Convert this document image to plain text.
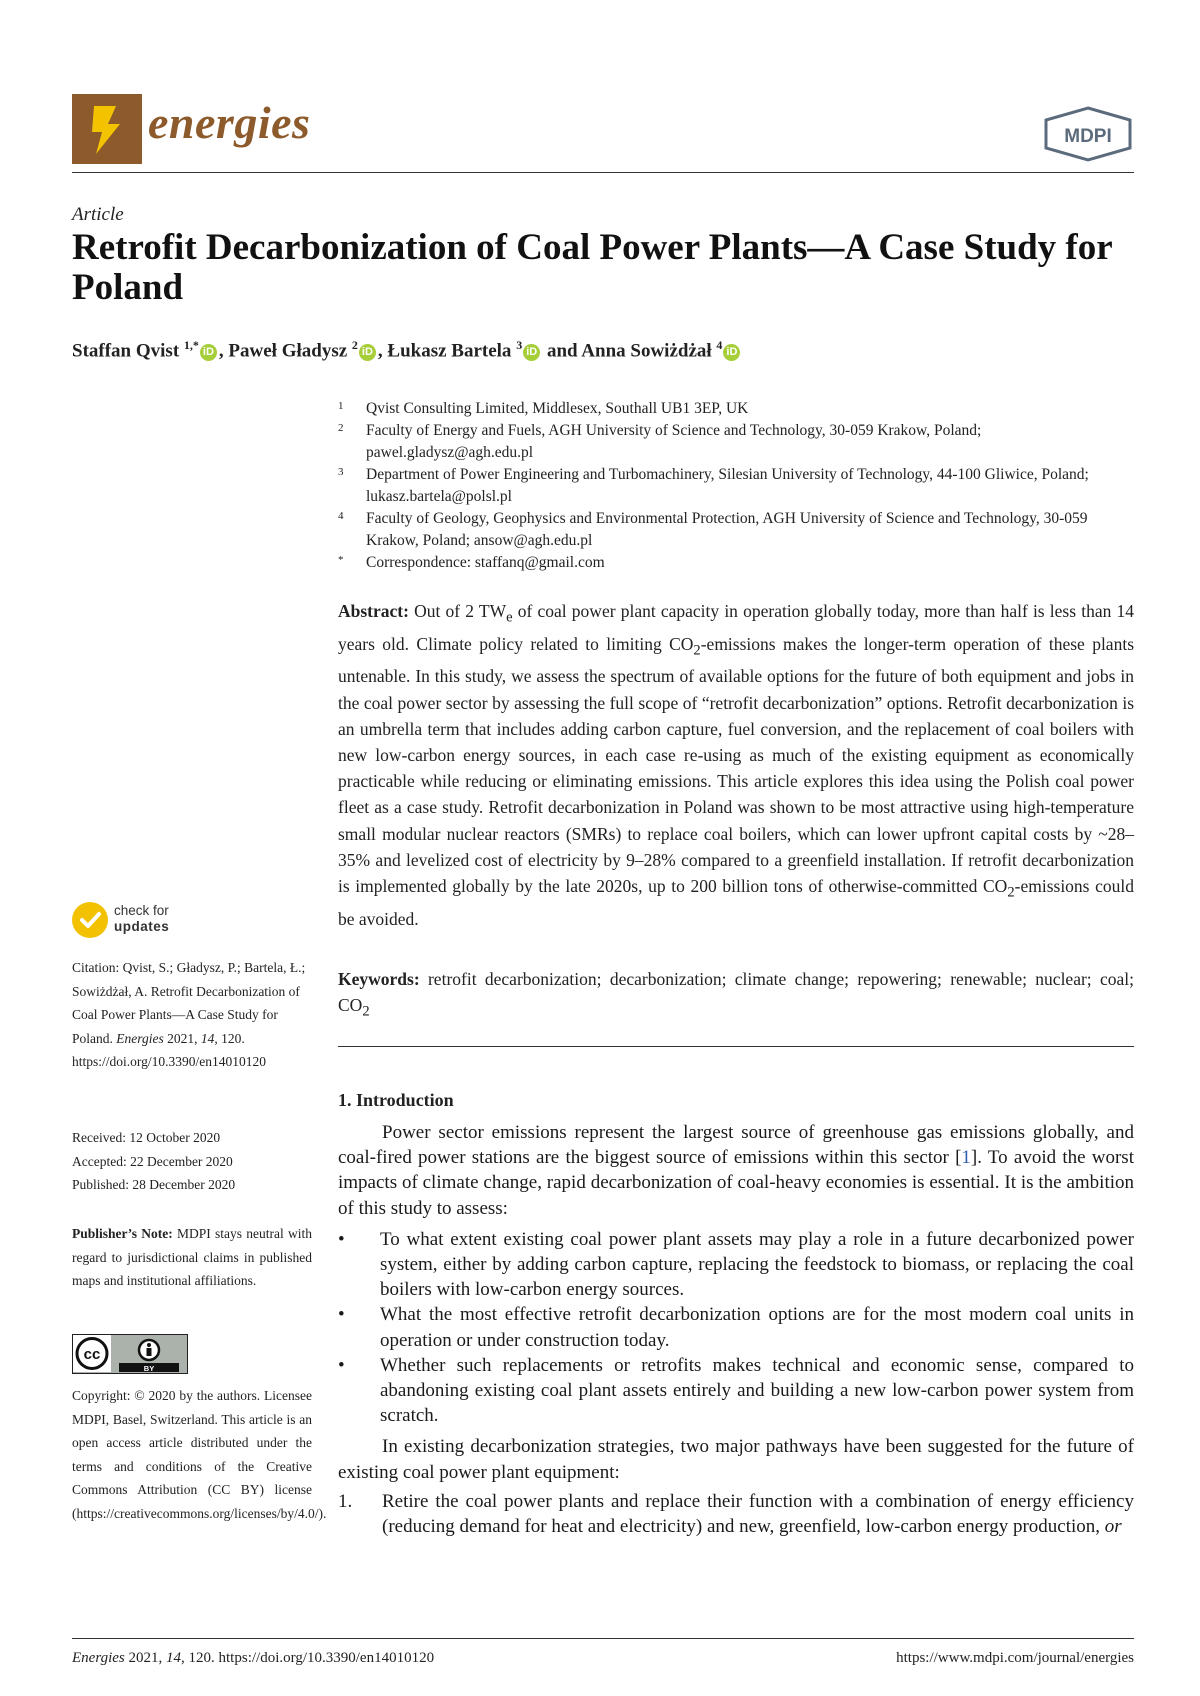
energies	MDPI
Article
Retrofit Decarbonization of Coal Power Plants—A Case Study for Poland
Staffan Qvist $^{1,*}$iD , Paweł Gładysz $^2$iD , Łukasz Bartela $^3$iD and Anna Sowiżdżał $^4$iD
1 Qvist Consulting Limited, Middlesex, Southall UB1 3EP, UK
2 Faculty of Energy and Fuels, AGH University of Science and Technology, 30-059 Krakow, Poland; pawel.gladysz@agh.edu.pl
3 Department of Power Engineering and Turbomachinery, Silesian University of Technology, 44-100 Gliwice, Poland; lukasz.bartela@polsl.pl
4 Faculty of Geology, Geophysics and Environmental Protection, AGH University of Science and Technology, 30-059 Krakow, Poland; ansow@agh.edu.pl
* Correspondence: staffanq@gmail.com
Abstract: Out of 2 $TW_e$ of coal power plant capacity in operation globally today, more than half is less than 14 years old. Climate policy related to limiting $CO_2$-emissions makes the longer-term operation of these plants untenable. In this study, we assess the spectrum of available options for the future of both equipment and jobs in the coal power sector by assessing the full scope of “retrofit decarbonization” options. Retrofit decarbonization is an umbrella term that includes adding carbon capture, fuel conversion, and the replacement of coal boilers with new low-carbon energy sources, in each case re-using as much of the existing equipment as economically practicable while reducing or eliminating emissions. This article explores this idea using the Polish coal power fleet as a case study. Retrofit decarbonization in Poland was shown to be most attractive using high-temperature small modular nuclear reactors (SMRs) to replace coal boilers, which can lower upfront capital costs by ~28–35% and levelized cost of electricity by 9–28% compared to a greenfield installation. If retrofit decarbonization is implemented globally by the late 2020s, up to 200 billion tons of otherwise-committed $CO_2$-emissions could be avoided.
Keywords: retrofit decarbonization; decarbonization; climate change; repowering; renewable; nuclear; coal; $CO_2$
1. Introduction

Power sector emissions represent the largest source of greenhouse gas emissions globally, and coal-fired power stations are the biggest source of emissions within this sector [1]. To avoid the worst impacts of climate change, rapid decarbonization of coal-heavy economies is essential. It is the ambition of this study to assess:

• To what extent existing coal power plant assets may play a role in a future decarbonized power system, either by adding carbon capture, replacing the feedstock to biomass, or replacing the coal boilers with low-carbon energy sources.
• What the most effective retrofit decarbonization options are for the most modern coal units in operation or under construction today.
• Whether such replacements or retrofits makes technical and economic sense, compared to abandoning existing coal plant assets entirely and building a new low-carbon power system from scratch.

In existing decarbonization strategies, two major pathways have been suggested for the future of existing coal power plant equipment:

1. Retire the coal power plants and replace their function with a combination of energy efficiency (reducing demand for heat and electricity) and new, greenfield, low-carbon energy production, or
check for
updates
Citation: Qvist, S.; Gładysz, P.; Bartela, Ł.; Sowiżdżał, A. Retrofit Decarbonization of Coal Power Plants—A Case Study for Poland. Energies 2021, 14, 120. https://doi.org/10.3390/en14010120
Received: 12 October 2020
Accepted: 22 December 2020
Published: 28 December 2020
Publisher’s Note: MDPI stays neutral with regard to jurisdictional claims in published maps and institutional affiliations.
cc
BY
Copyright: © 2020 by the authors. Licensee MDPI, Basel, Switzerland. This article is an open access article distributed under the terms and conditions of the Creative Commons Attribution (CC BY) license (https://creativecommons.org/licenses/by/4.0/).
Energies 2021, 14, 120. https://doi.org/10.3390/en14010120	https://www.mdpi.com/journal/energies
